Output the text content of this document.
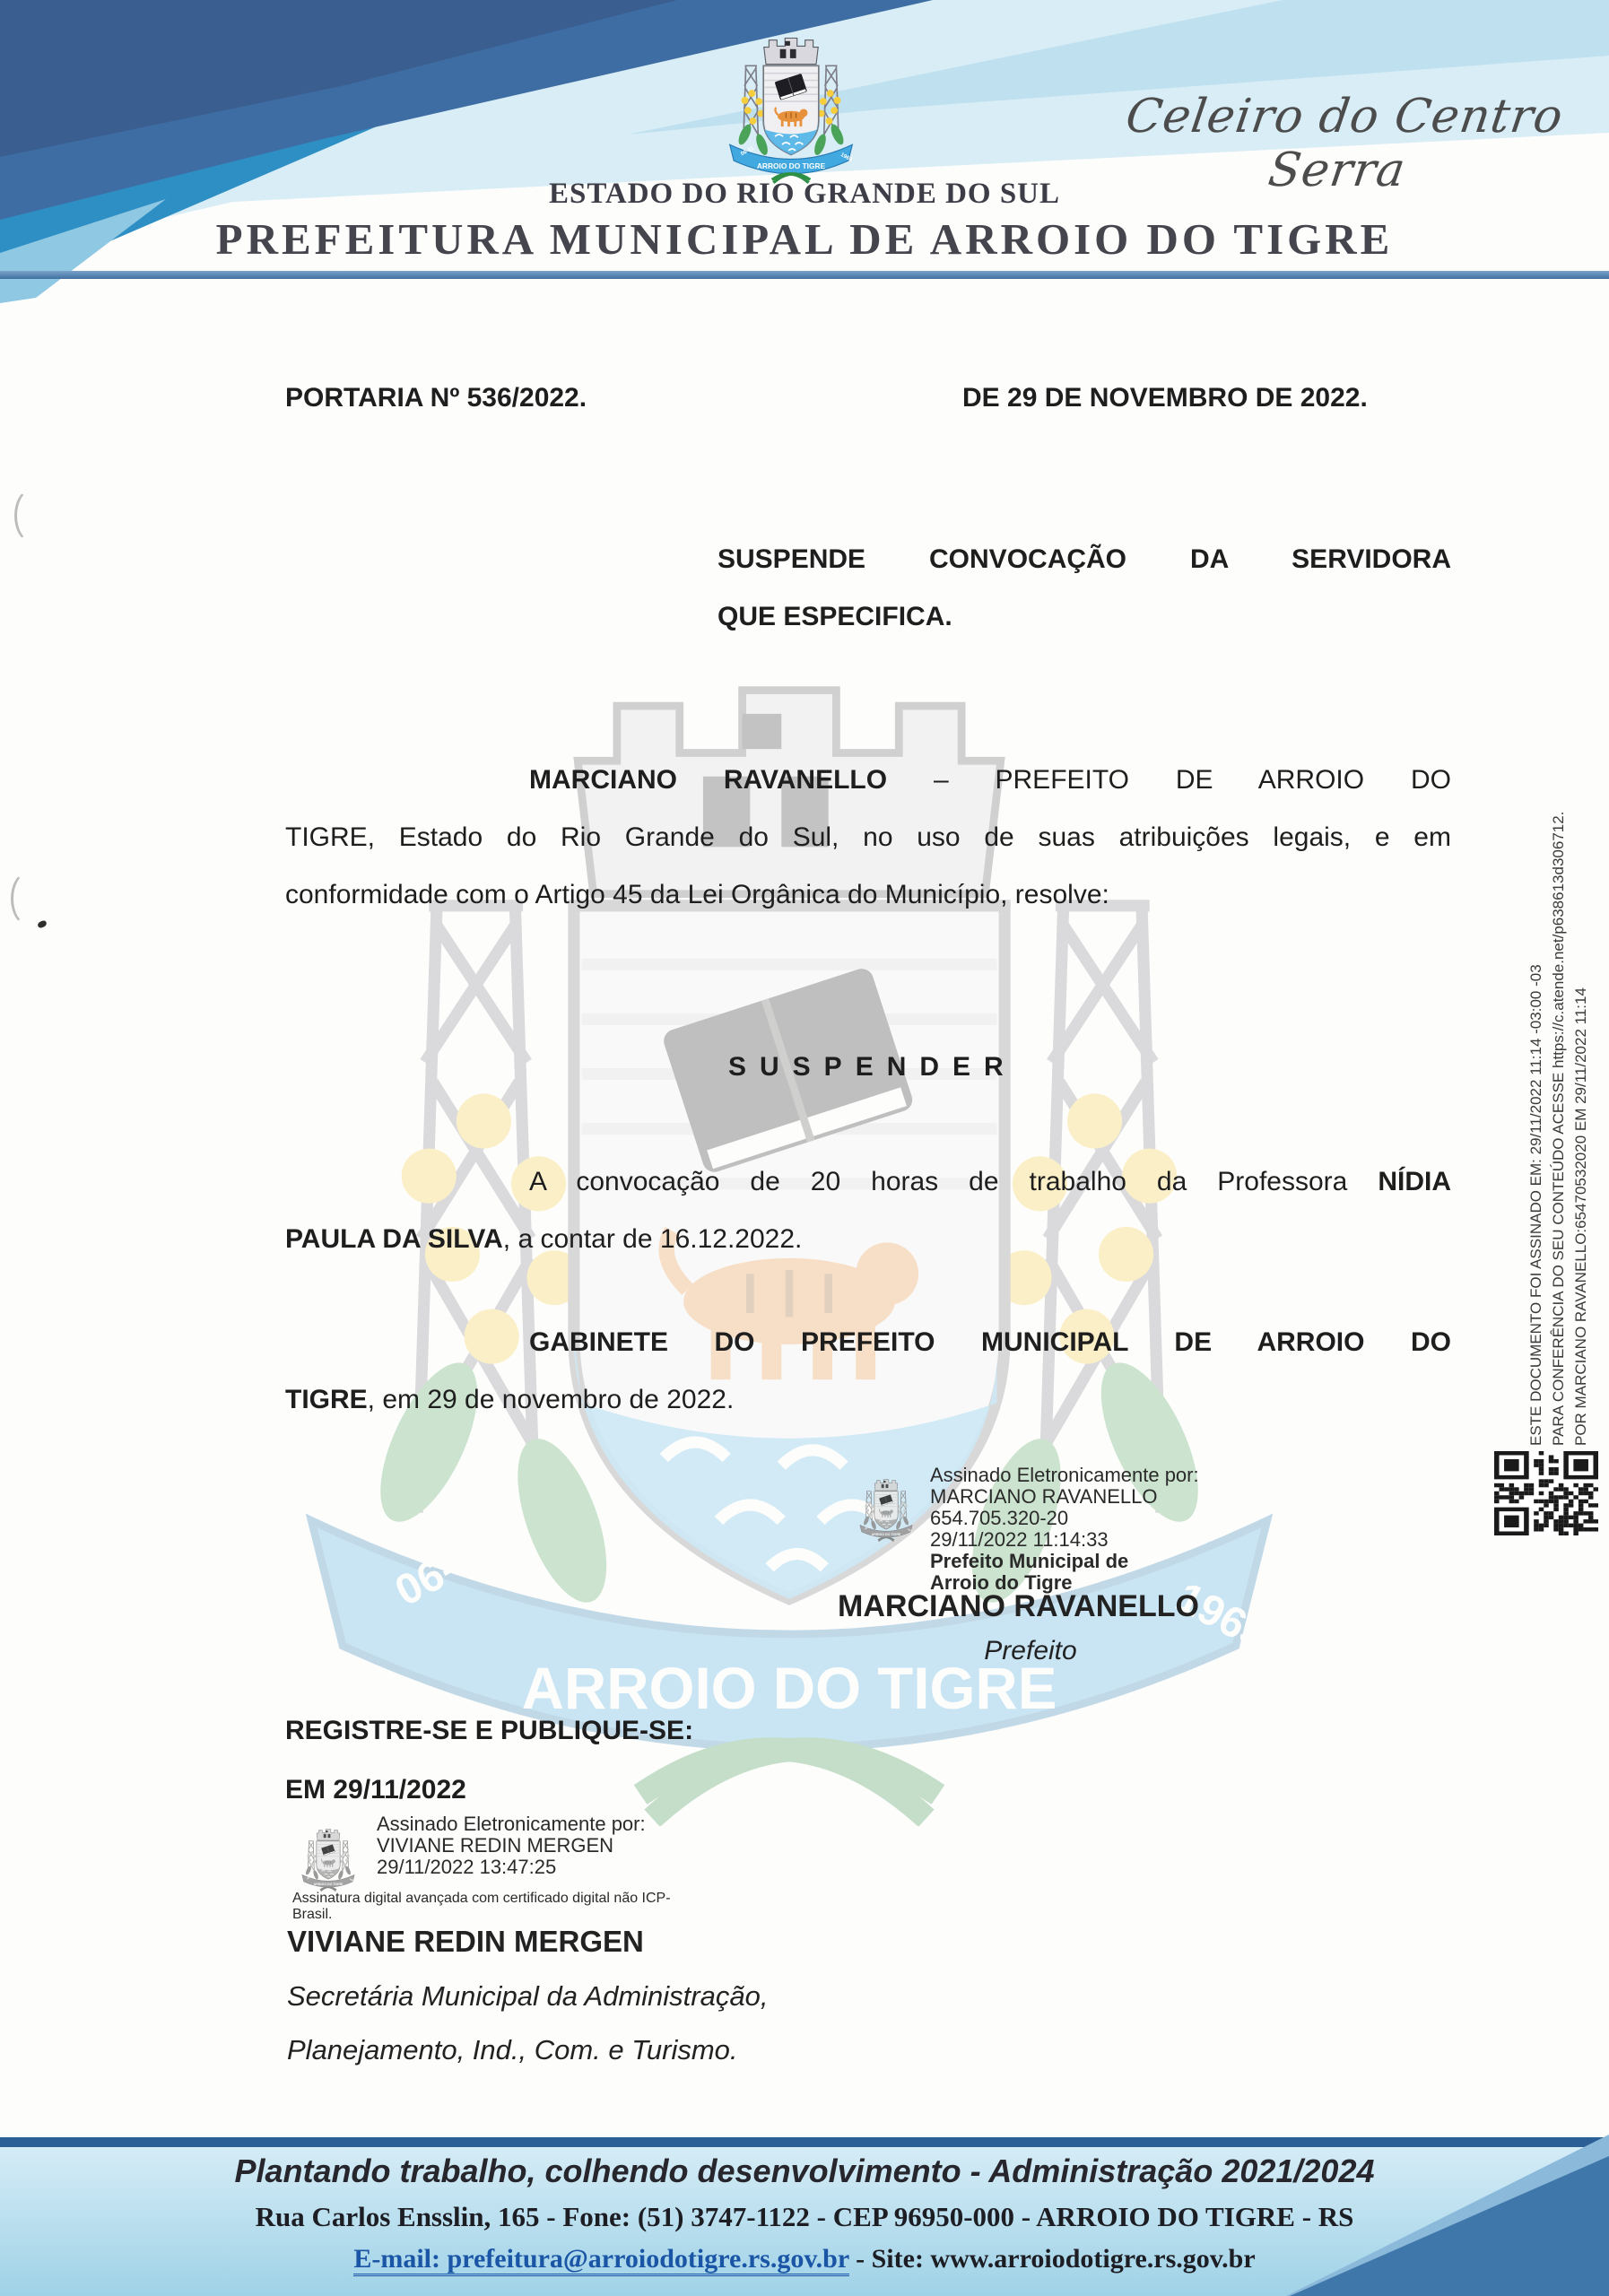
Celeiro do Centro Serra
ESTADO DO RIO GRANDE DO SUL
PREFEITURA MUNICIPAL DE ARROIO DO TIGRE
PORTARIA Nº 536/2022.	DE 29 DE NOVEMBRO DE 2022.
SUSPENDE CONVOCAÇÃO DA SERVIDORA
QUE ESPECIFICA.
MARCIANO RAVANELLO – PREFEITO DE ARROIO DO
TIGRE, Estado do Rio Grande do Sul, no uso de suas atribuições legais, e em
conformidade com o Artigo 45 da Lei Orgânica do Município, resolve:
SUSPENDER
A convocação de 20 horas de trabalho da Professora NÍDIA
PAULA DA SILVA, a contar de 16.12.2022.
GABINETE DO PREFEITO MUNICIPAL DE ARROIO DO
TIGRE, em 29 de novembro de 2022.
Assinado Eletronicamente por:
MARCIANO RAVANELLO
654.705.320-20
29/11/2022 11:14:33
Prefeito Municipal de
Arroio do Tigre
MARCIANO RAVANELLO
Prefeito
REGISTRE-SE E PUBLIQUE-SE:
EM 29/11/2022
Assinado Eletronicamente por:
VIVIANE REDIN MERGEN
29/11/2022 13:47:25
Assinatura digital avançada com certificado digital não ICP-
Brasil.
VIVIANE REDIN MERGEN
Secretária Municipal da Administração,
Planejamento, Ind., Com. e Turismo.
ESTE DOCUMENTO FOI ASSINADO EM: 29/11/2022 11:14 -03:00 -03 PARA CONFERÊNCIA DO SEU CONTEÚDO ACESSE https://c.atende.net/p638613d306712. POR MARCIANO RAVANELLO:65470532020 EM 29/11/2022 11:14
Plantando trabalho, colhendo desenvolvimento - Administração 2021/2024
Rua Carlos Ensslin, 165 - Fone: (51) 3747-1122 - CEP 96950-000 - ARROIO DO TIGRE - RS
E-mail: prefeitura@arroiodotigre.rs.gov.br - Site: www.arroiodotigre.rs.gov.br
